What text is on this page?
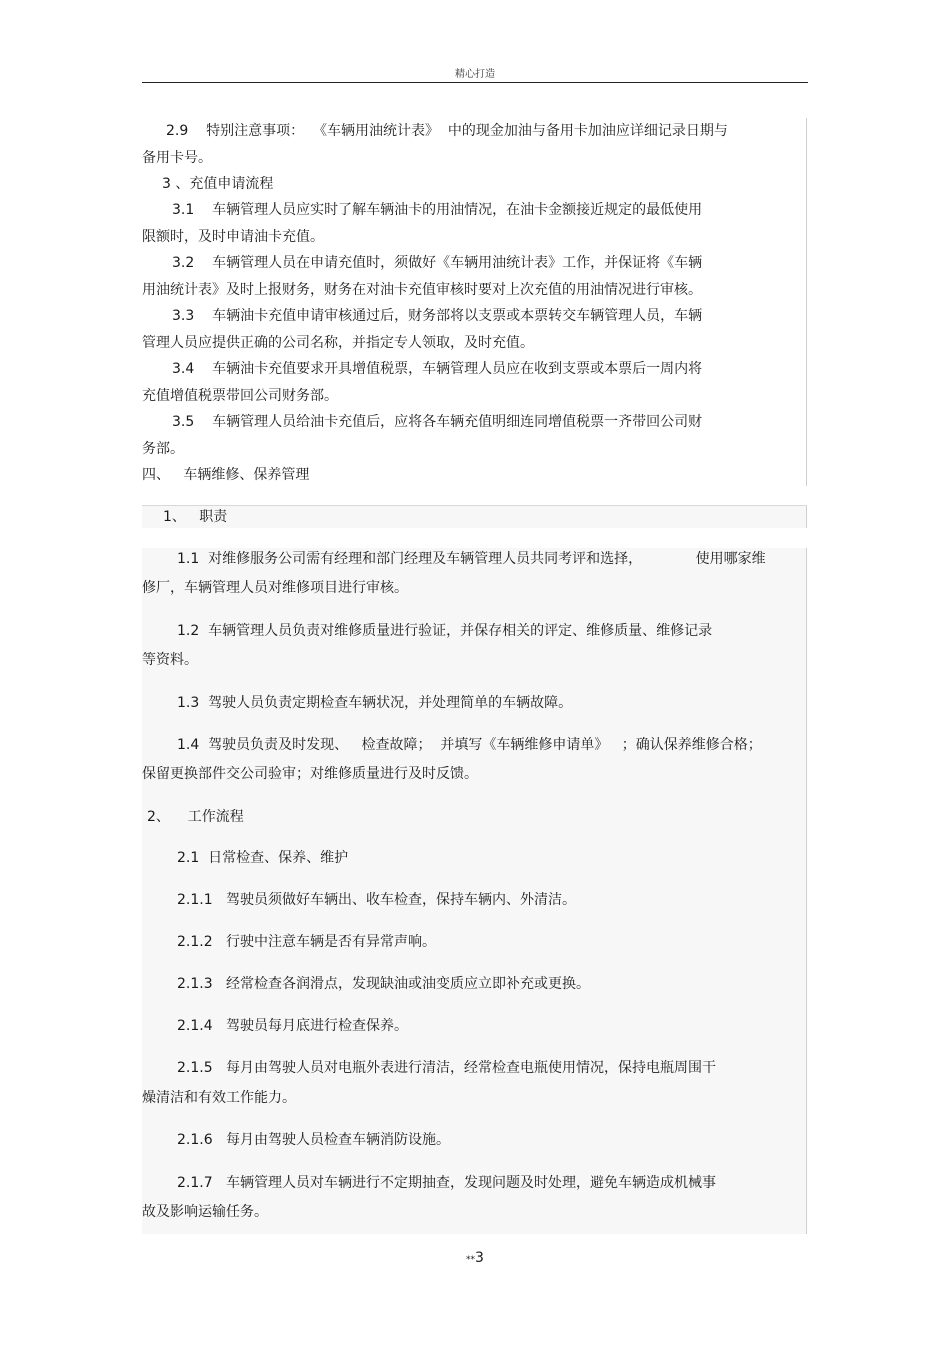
精心打造
2.9    特别注意事项：  《车辆用油统计表》  中的现金加油与备用卡加油应详细记录日期与
备用卡号。
3 、充值申请流程
3.1    车辆管理人员应实时了解车辆油卡的用油情况，在油卡金额接近规定的最低使用
限额时，及时申请油卡充值。
3.2    车辆管理人员在申请充值时，须做好《车辆用油统计表》工作，并保证将《车辆
用油统计表》及时上报财务，财务在对油卡充值审核时要对上次充值的用油情况进行审核。
3.3    车辆油卡充值申请审核通过后，财务部将以支票或本票转交车辆管理人员，车辆
管理人员应提供正确的公司名称，并指定专人领取，及时充值。
3.4    车辆油卡充值要求开具增值税票，车辆管理人员应在收到支票或本票后一周内将
充值增值税票带回公司财务部。
3.5    车辆管理人员给油卡充值后，应将各车辆充值明细连同增值税票一齐带回公司财
务部。
四、   车辆维修、保养管理
1、   职责
1.1  对维修服务公司需有经理和部门经理及车辆管理人员共同考评和选择，            使用哪家维
修厂，车辆管理人员对维修项目进行审核。
1.2  车辆管理人员负责对维修质量进行验证，并保存相关的评定、维修质量、维修记录
等资料。
1.3  驾驶人员负责定期检查车辆状况，并处理简单的车辆故障。
1.4  驾驶员负责及时发现、   检查故障；  并填写《车辆维修申请单》   ；确认保养维修合格；
保留更换部件交公司验审；对维修质量进行及时反馈。
2、    工作流程
2.1  日常检查、保养、维护
2.1.1   驾驶员须做好车辆出、收车检查，保持车辆内、外清洁。
2.1.2   行驶中注意车辆是否有异常声响。
2.1.3   经常检查各润滑点，发现缺油或油变质应立即补充或更换。
2.1.4   驾驶员每月底进行检查保养。
2.1.5   每月由驾驶人员对电瓶外表进行清洁，经常检查电瓶使用情况，保持电瓶周围干
燥清洁和有效工作能力。
2.1.6   每月由驾驶人员检查车辆消防设施。
2.1.7   车辆管理人员对车辆进行不定期抽查，发现问题及时处理，避免车辆造成机械事
故及影响运输任务。
**3
